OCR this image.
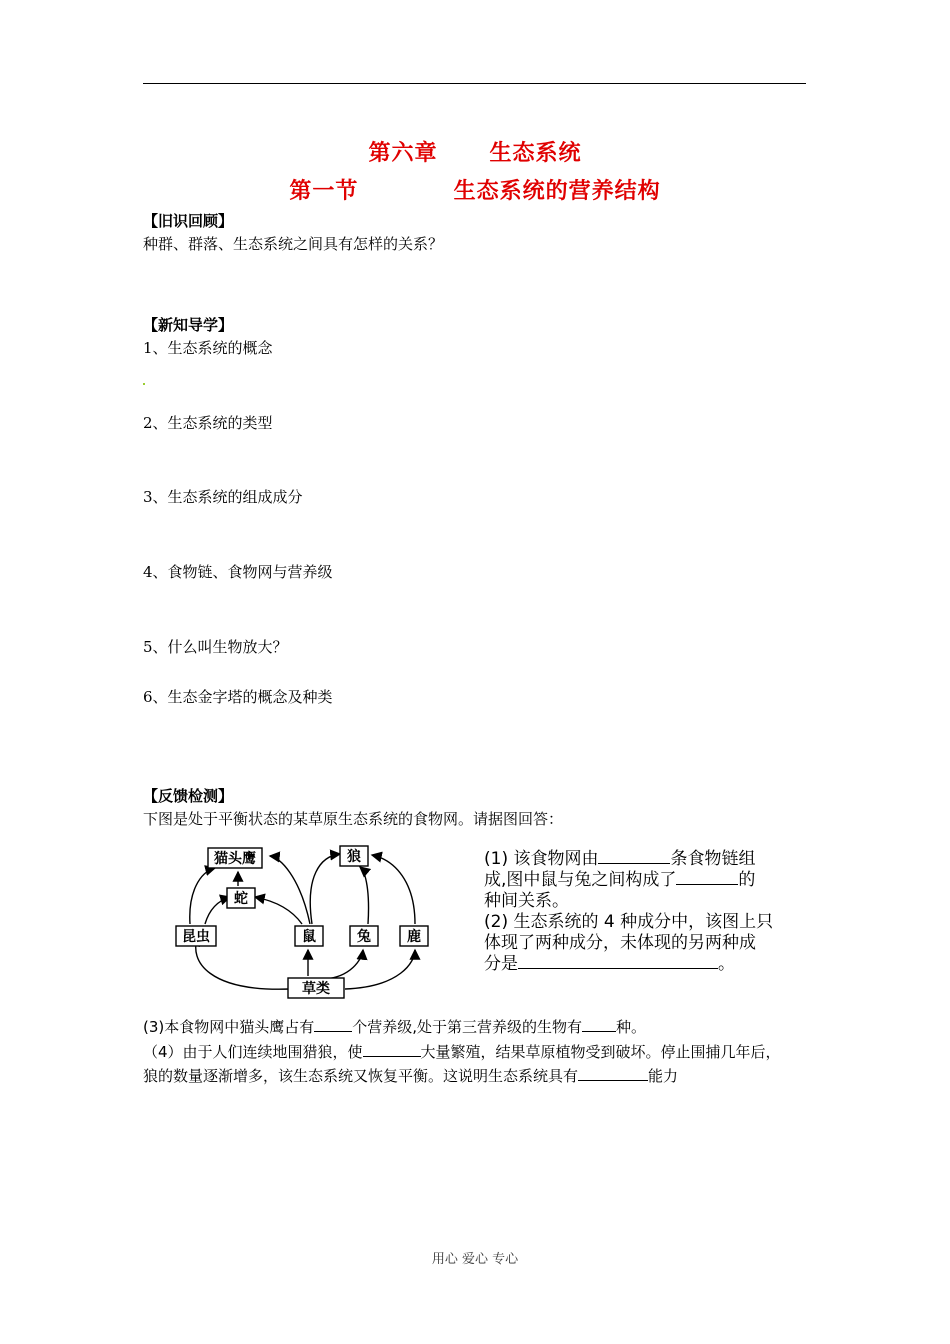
第六章      生态系统
第一节           生态系统的营养结构
【旧识回顾】
种群、群落、生态系统之间具有怎样的关系？
【新知导学】
1、生态系统的概念
2、生态系统的类型
3、生态系统的组成成分
4、食物链、食物网与营养级
5、什么叫生物放大？
6、生态金字塔的概念及种类
【反馈检测】
下图是处于平衡状态的某草原生态系统的食物网。请据图回答：
猫头鹰	狼
蛇
昆虫	鼠	兔	鹿
草类

(1) 该食物网由	条食物链组

成,图中鼠与兔之间构成了	的

种间关系。

(2) 生态系统的 4 种成分中，该图上只

体现了两种成分，未体现的另两种成

分是	。

(3)本食物网中猫头鹰占有	个营养级,处于第三营养级的生物有 种。
（4）由于人们连续地围猎狼，使	大量繁殖，结果草原植物受到破坏。停止围捕几年后，
狼的数量逐渐增多，该生态系统又恢复平衡。这说明生态系统具有	能力
用心 爱心 专心
